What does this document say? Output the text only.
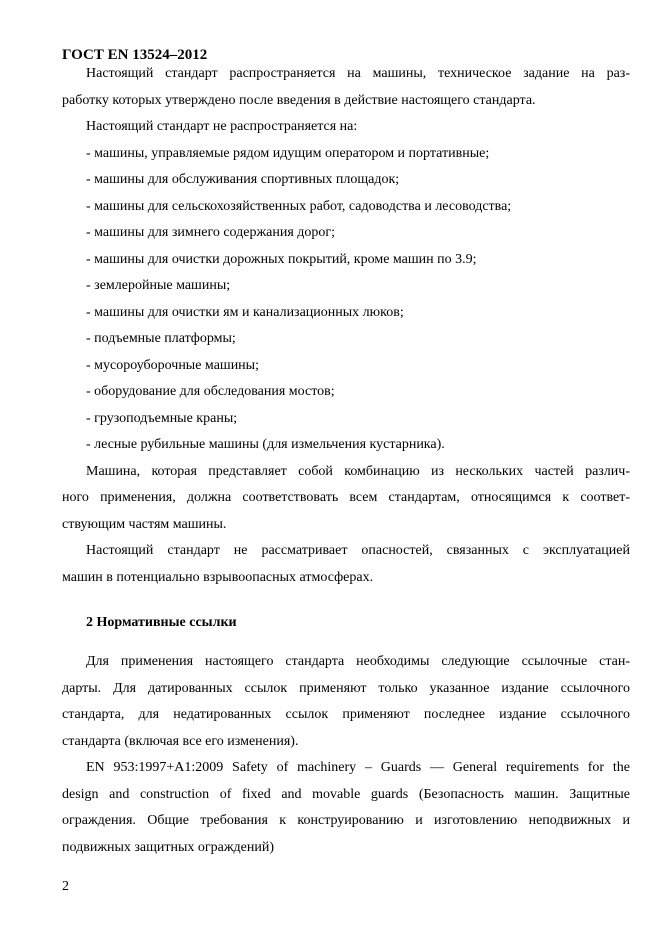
ГОСТ EN 13524–2012
Настоящий стандарт распространяется на машины, техническое задание на раз-
работку которых утверждено после введения в действие настоящего стандарта.
Настоящий стандарт не распространяется на:
- машины, управляемые рядом идущим оператором и портативные;
- машины для обслуживания спортивных площадок;
- машины для сельскохозяйственных работ, садоводства и лесоводства;
- машины для зимнего содержания дорог;
- машины для очистки дорожных покрытий, кроме машин по 3.9;
- землеройные машины;
- машины для очистки ям и канализационных люков;
- подъемные платформы;
- мусороуборочные машины;
- оборудование для обследования мостов;
- грузоподъемные краны;
- лесные рубильные машины (для измельчения кустарника).
Машина, которая представляет собой комбинацию из нескольких частей различ-
ного применения, должна соответствовать всем стандартам, относящимся к соответ-
ствующим частям машины.
Настоящий стандарт не рассматривает опасностей, связанных с эксплуатацией
машин в потенциально взрывоопасных атмосферах.
2 Нормативные ссылки
Для применения настоящего стандарта необходимы следующие ссылочные стан-
дарты. Для датированных ссылок применяют только указанное издание ссылочного
стандарта, для недатированных ссылок применяют последнее издание ссылочного
стандарта (включая все его изменения).
EN 953:1997+A1:2009 Safety of machinery – Guards — General requirements for the
design and construction of fixed and movable guards (Безопасность машин. Защитные
ограждения. Общие требования к конструированию и изготовлению неподвижных и
подвижных защитных ограждений)
2
